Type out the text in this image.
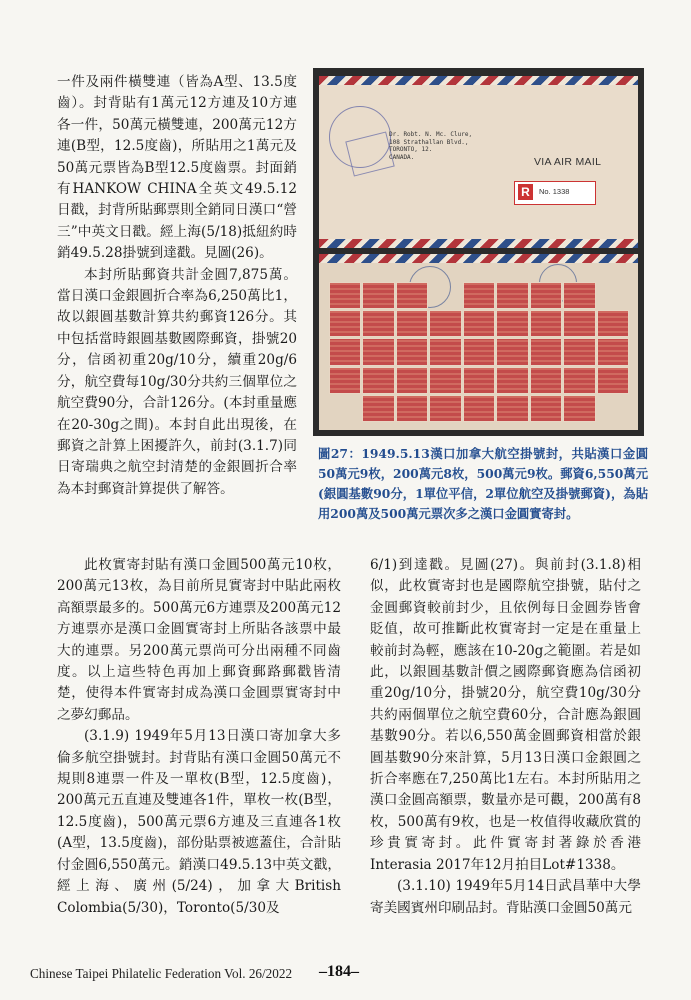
一件及兩件橫雙連（皆為A型、13.5度齒）。封背貼有1萬元12方連及10方連各一件，50萬元橫雙連，200萬元12方連(B型，12.5度齒)，所貼用之1萬元及50萬元票皆為B型12.5度齒票。封面銷有HANKOW CHINA全英文49.5.12日戳，封背所貼郵票則全銷同日漢口“營三”中英文日戳。經上海(5/18)抵紐約時銷49.5.28掛號到達戳。見圖(26)。

本封所貼郵資共計金圓7,875萬。當日漢口金銀圓折合率為6,250萬比1，故以銀圓基數計算共約郵資126分。其中包括當時銀圓基數國際郵資，掛號20分，信函初重20g/10分，續重20g/6分，航空費每10g/30分共約三個單位之航空費90分，合計126分。(本封重量應在20-30g之間)。本封自此出現後，在郵資之計算上困擾許久，前封(3.1.7)同日寄瑞典之航空封清楚的金銀圓折合率為本封郵資計算提供了解答。

Dr. Robt. N. Mc. Clure,
108 Strathallan Blvd.,
TORONTO, 12.
CANADA.	VIA AIR MAIL
R	No. 1338
圖27：1949.5.13漢口加拿大航空掛號封，共貼漢口金圓50萬元9枚，200萬元8枚，500萬元9枚。郵資6,550萬元(銀圓基數90分，1單位平信，2單位航空及掛號郵資)，為貼用200萬及500萬元票次多之漢口金圓實寄封。

此枚實寄封貼有漢口金圓500萬元10枚，200萬元13枚，為目前所見實寄封中貼此兩枚高額票最多的。500萬元6方連票及200萬元12方連票亦是漢口金圓實寄封上所貼各該票中最大的連票。另200萬元票尚可分出兩種不同齒度。以上這些特色再加上郵資郵路郵戳皆清楚，使得本件實寄封成為漢口金圓票實寄封中之夢幻郵品。

(3.1.9) 1949年5月13日漢口寄加拿大多倫多航空掛號封。封背貼有漢口金圓50萬元不規則8連票一件及一單枚(B型，12.5度齒)，200萬元五直連及雙連各1件，單枚一枚(B型，12.5度齒)，500萬元票6方連及三直連各1枚(A型，13.5度齒)，部份貼票被遮蓋住，合計貼付金圓6,550萬元。銷漢口49.5.13中英文戳，經上海、廣州(5/24)，加拿大British Colombia(5/30)，Toronto(5/30及

6/1)到達戳。見圖(27)。與前封(3.1.8)相似，此枚實寄封也是國際航空掛號，貼付之金圓郵資較前封少，且依例每日金圓券皆會貶值，故可推斷此枚實寄封一定是在重量上較前封為輕，應該在10-20g之範圍。若是如此，以銀圓基數計價之國際郵資應為信函初重20g/10分，掛號20分，航空費10g/30分共約兩個單位之航空費60分，合計應為銀圓基數90分。若以6,550萬金圓郵資相當於銀圓基數90分來計算，5月13日漢口金銀圓之折合率應在7,250萬比1左右。本封所貼用之漢口金圓高額票，數量亦是可觀，200萬有8枚，500萬有9枚，也是一枚值得收藏欣賞的珍貴實寄封。此件實寄封著錄於香港Interasia 2017年12月拍目Lot#1338。

(3.1.10) 1949年5月14日武昌華中大學寄美國賓州印刷品封。背貼漢口金圓50萬元

Chinese Taipei Philatelic Federation Vol. 26/2022 –184–
